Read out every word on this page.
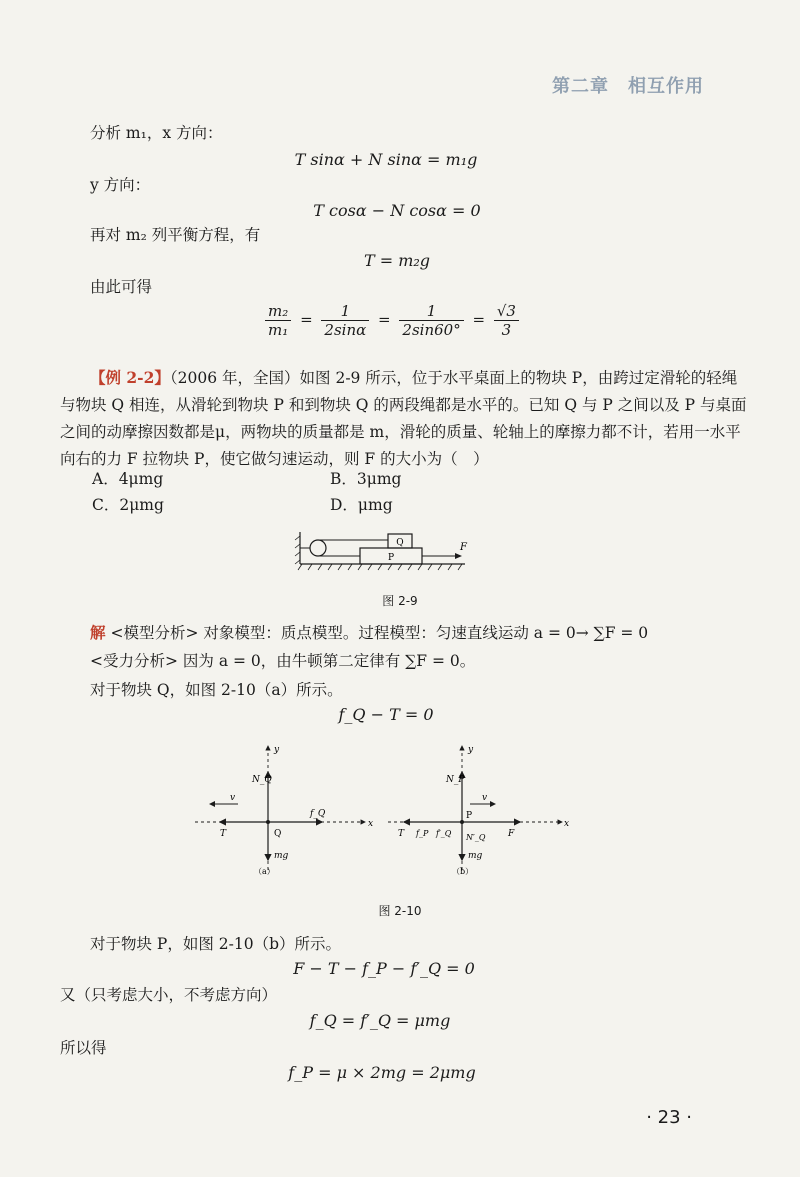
第二章　相互作用
分析 m₁，x 方向：
T sinα + N sinα = m₁g
y 方向：
T cosα − N cosα = 0
再对 m₂ 列平衡方程，有
T = m₂g
由此可得
$\frac{\text{m₂}}{\text{m₁}} = \frac{1}{2\sin\alpha} = \frac{1}{2\sin 60^\circ} = \frac{√3}{3}$
【例 2-2】（2006 年，全国）如图 2-9 所示，位于水平桌面上的物块 P，由跨过定滑轮的轻绳与物块 Q 相连，从滑轮到物块 P 和到物块 Q 的两段绳都是水平的。已知 Q 与 P 之间以及 P 与桌面之间的动摩擦因数都是μ，两物块的质量都是 m，滑轮的质量、轮轴上的摩擦力都不计，若用一水平向右的力 F 拉物块 P，使它做匀速运动，则 F 的大小为（　）
A．4μmg	B．3μmg
C．2μmg	D．μmg
Q
P
F
图 2-9
解 <模型分析> 对象模型：质点模型。过程模型：匀速直线运动 a = 0→ ∑F = 0
<受力分析> 因为 a = 0，由牛顿第二定律有 ∑F = 0。
对于物块 Q，如图 2-10（a）所示。
f_Q − T = 0
y
x
N_Q
v
f_Q
T	Q
mg
（a）
y
x
N_P
v
T f_P f′_Q
P
N′_Q	F
mg
（b）
图 2-10
对于物块 P，如图 2-10（b）所示。
F − T − f_P − f′_Q = 0
又（只考虑大小，不考虑方向）
f_Q = f′_Q = μmg
所以得
f_P = μ × 2mg = 2μmg
· 23 ·
